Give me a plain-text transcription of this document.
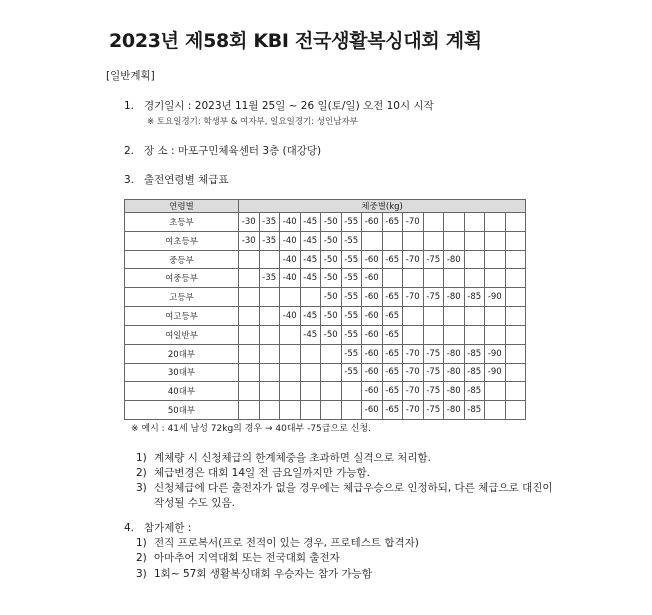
2023년 제58회 KBI 전국생활복싱대회 계획
[일반계획]
1. 경기일시 : 2023년 11월 25일 ~ 26 일(토/일) 오전 10시 시작
※ 토요일경기: 학생부 & 여자부, 일요일경기: 성인남자부
2. 장 소 : 마포구민체육센터 3층 (대강당)
3. 출전연령별 체급표
연령별	체중별(kg)													
초등부	-30	-35	-40	-45	-50	-55	-60	-65	-70					
여초등부	-30	-35	-40	-45	-50	-55								
중등부			-40	-45	-50	-55	-60	-65	-70	-75	-80			
여중등부		-35	-40	-45	-50	-55	-60							
고등부					-50	-55	-60	-65	-70	-75	-80	-85	-90	
여고등부			-40	-45	-50	-55	-60	-65						
여일반부				-45	-50	-55	-60	-65						
20대부						-55	-60	-65	-70	-75	-80	-85	-90	
30대부						-55	-60	-65	-70	-75	-80	-85	-90	
40대부							-60	-65	-70	-75	-80	-85		
50대부							-60	-65	-70	-75	-80	-85		
※ 예시 : 41세 남성 72kg의 경우 → 40대부 -75급으로 신청.
1) 계체량 시 신청체급의 한계체중을 초과하면 실격으로 처리함.
2) 체급변경은 대회 14일 전 금요일까지만 가능함.
3) 신청체급에 다른 출전자가 없을 경우에는 체급우승으로 인정하되, 다른 체급으로 대진이
작성될 수도 있음.
4. 참가제한 :
1) 전직 프로복서(프로 전적이 있는 경우, 프로테스트 합격자)
2) 아마추어 지역대회 또는 전국대회 출전자
3) 1회~ 57회 생활복싱대회 우승자는 참가 가능함
